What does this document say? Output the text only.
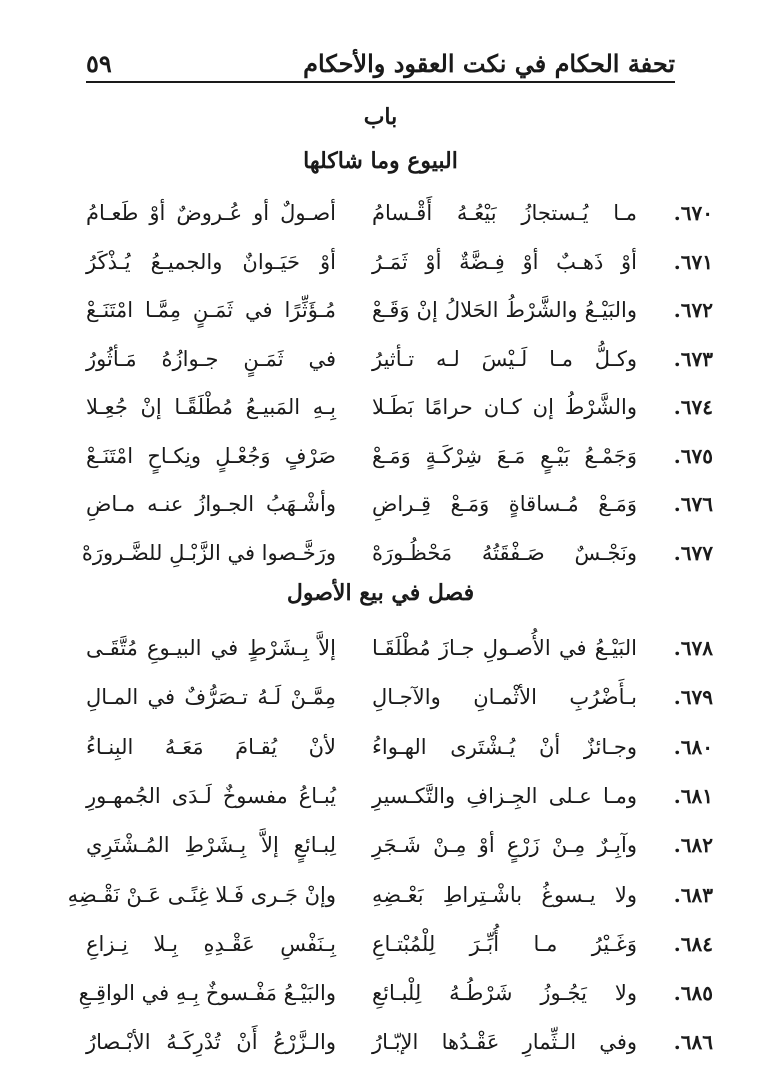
تحفة الحكام في نكت العقود والأحكام
٥٩
باب
البيوع وما شاكلها
٦٧٠.
مـا يُـستجازُ بَيْعُـهُ أَقْـسامُ
أصـولٌ أو عُـروضٌ أوْ طَعـامُ
٦٧١.
أوْ ذَهـبٌ أوْ فِـضَّةٌ أوْ ثَمَـرُ
أوْ حَيَـوانٌ والجميـعُ يُـذْكَرُ
٦٧٢.
والبَيْـعُ والشَّرْطُ الحَلالُ إنْ وَقَـعْ
مُـؤَثِّرًا في ثَمَـنٍ مِمَّـا امْتَنَـعْ
٦٧٣.
وكـلُّ مـا لَـيْسَ لـه تـأثيرُ
في ثَمَـنٍ جـوازُهُ مَـأثُورُ
٦٧٤.
والشَّرْطُ إن كـان حرامًا بَطَـلا
بِـهِ المَبيـعُ مُطْلَقًـا إنْ جُعِـلا
٦٧٥.
وَجَمْـعُ بَيْـعٍ مَـعَ شِرْكَـةٍ وَمَـعْ
صَرْفٍ وَجُعْـلٍ ونِكـاحٍ امْتَنَـعْ
٦٧٦.
وَمَـعْ مُـساقاةٍ وَمَـعْ قِـراضِ
وأشْـهَبُ الجـوازُ عنـه مـاضِ
٦٧٧.
ونَجْـسٌ صَـفْقَتُهُ مَحْظُـورَهْ
ورَخَّـصوا في الزَّبْـلِ للضَّـرورَهْ
فصل في بيع الأصول
٦٧٨.
البَيْـعُ في الأُصـولِ جـازَ مُطْلَقَـا
إلاَّ بِـشَرْطٍ في البيـوعِ مُتَّقَـى
٦٧٩.
بـأَضْرُبِ الأثْمـانِ والآجـالِ
مِمَّـنْ لَـهُ تـصَرُّفٌ في المـالِ
٦٨٠.
وجـائزٌ أنْ يُـشْتَرى الهـواءُ
لأنْ يُقـامَ مَعَـهُ البِنـاءُ
٦٨١.
ومـا عـلى الجِـزافِ والتَّكـسيرِ
يُبـاعُ مفسوخٌ لَـدَى الجُمهـورِ
٦٨٢.
وآبِـرٌ مِـنْ زَرْعٍ أوْ مِـنْ شَـجَرِ
لِبـائعٍ إلاَّ بِـشَرْطِ المُـشْتَرِي
٦٨٣.
ولا يـسوغُ باشْـتِراطِ بَعْـضِهِ
وإنْ جَـرى فَـلا غِنًـى عَـنْ نَقْـضِهِ
٦٨٤.
وَغَـيْرُ مـا أُبِّـرَ لِلْمُبْتـاعِ
بِـنَفْسِ عَقْـدِهِ بِـلا نِـزاعِ
٦٨٥.
ولا يَجُـوزُ شَرْطُـهُ لِلْبـائعِ
والبَيْـعُ مَفْـسوخٌ بِـهِ في الواقِـعِ
٦٨٦.
وفي الـثِّمارِ عَقْـدُها الإبّـارُ
والـزَّرْعُ أَنْ تُدْرِكَـهُ الأبْـصارُ
